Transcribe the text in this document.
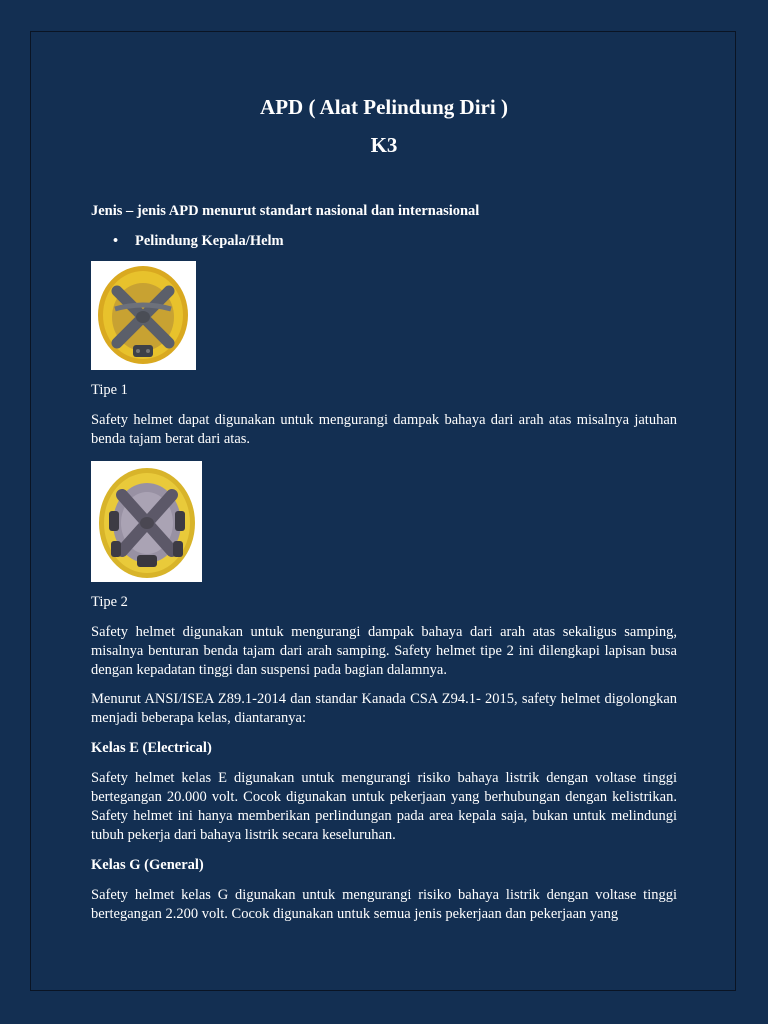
APD ( Alat Pelindung Diri )
K3

Jenis – jenis APD menurut standart nasional dan internasional

• Pelindung Kepala/Helm

Tipe 1

Safety helmet dapat digunakan untuk mengurangi dampak bahaya dari arah atas misalnya jatuhan benda tajam berat dari atas.

Tipe 2

Safety helmet digunakan untuk mengurangi dampak bahaya dari arah atas sekaligus samping, misalnya benturan benda tajam dari arah samping. Safety helmet tipe 2 ini dilengkapi lapisan busa dengan kepadatan tinggi dan suspensi pada bagian dalamnya.

Menurut ANSI/ISEA Z89.1-2014 dan standar Kanada CSA Z94.1- 2015, safety helmet digolongkan menjadi beberapa kelas, diantaranya:

Kelas E (Electrical)

Safety helmet kelas E digunakan untuk mengurangi risiko bahaya listrik dengan voltase tinggi bertegangan 20.000 volt. Cocok digunakan untuk pekerjaan yang berhubungan dengan kelistrikan. Safety helmet ini hanya memberikan perlindungan pada area kepala saja, bukan untuk melindungi tubuh pekerja dari bahaya listrik secara keseluruhan.

Kelas G (General)

Safety helmet kelas G digunakan untuk mengurangi risiko bahaya listrik dengan voltase tinggi bertegangan 2.200 volt. Cocok digunakan untuk semua jenis pekerjaan dan pekerjaan yang
